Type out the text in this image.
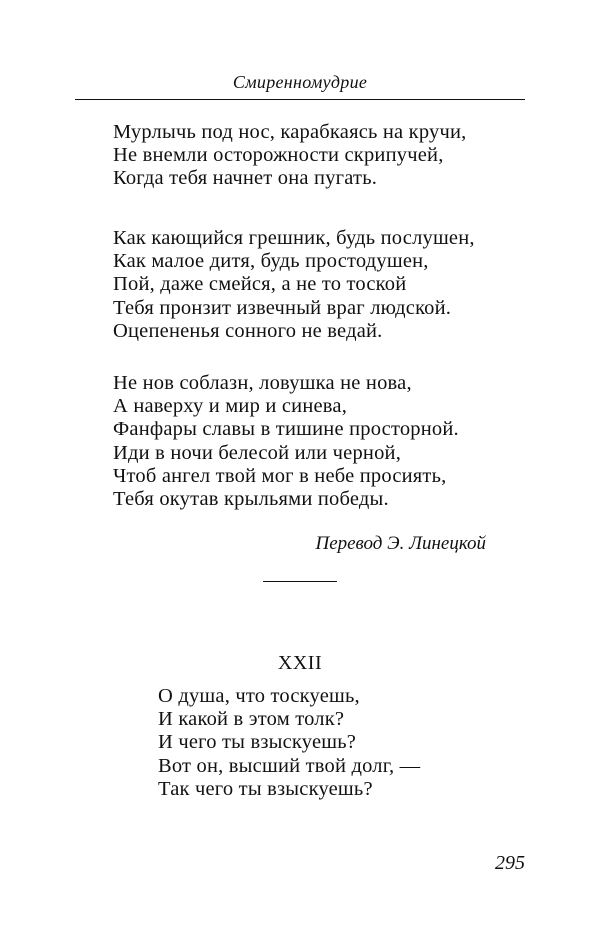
Смиренномудрие
Мурлычь под нос, карабкаясь на кручи,
Не внемли осторожности скрипучей,
Когда тебя начнет она пугать.
Как кающийся грешник, будь послушен,
Как малое дитя, будь простодушен,
Пой, даже смейся, а не то тоской
Тебя пронзит извечный враг людской.
Оцепененья сонного не ведай.
Не нов соблазн, ловушка не нова,
А наверху и мир и синева,
Фанфары славы в тишине просторной.
Иди в ночи белесой или черной,
Чтоб ангел твой мог в небе просиять,
Тебя окутав крыльями победы.
Перевод Э. Линецкой
XXII
О душа, что тоскуешь,
И какой в этом толк?
И чего ты взыскуешь?
Вот он, высший твой долг, —
Так чего ты взыскуешь?
295
